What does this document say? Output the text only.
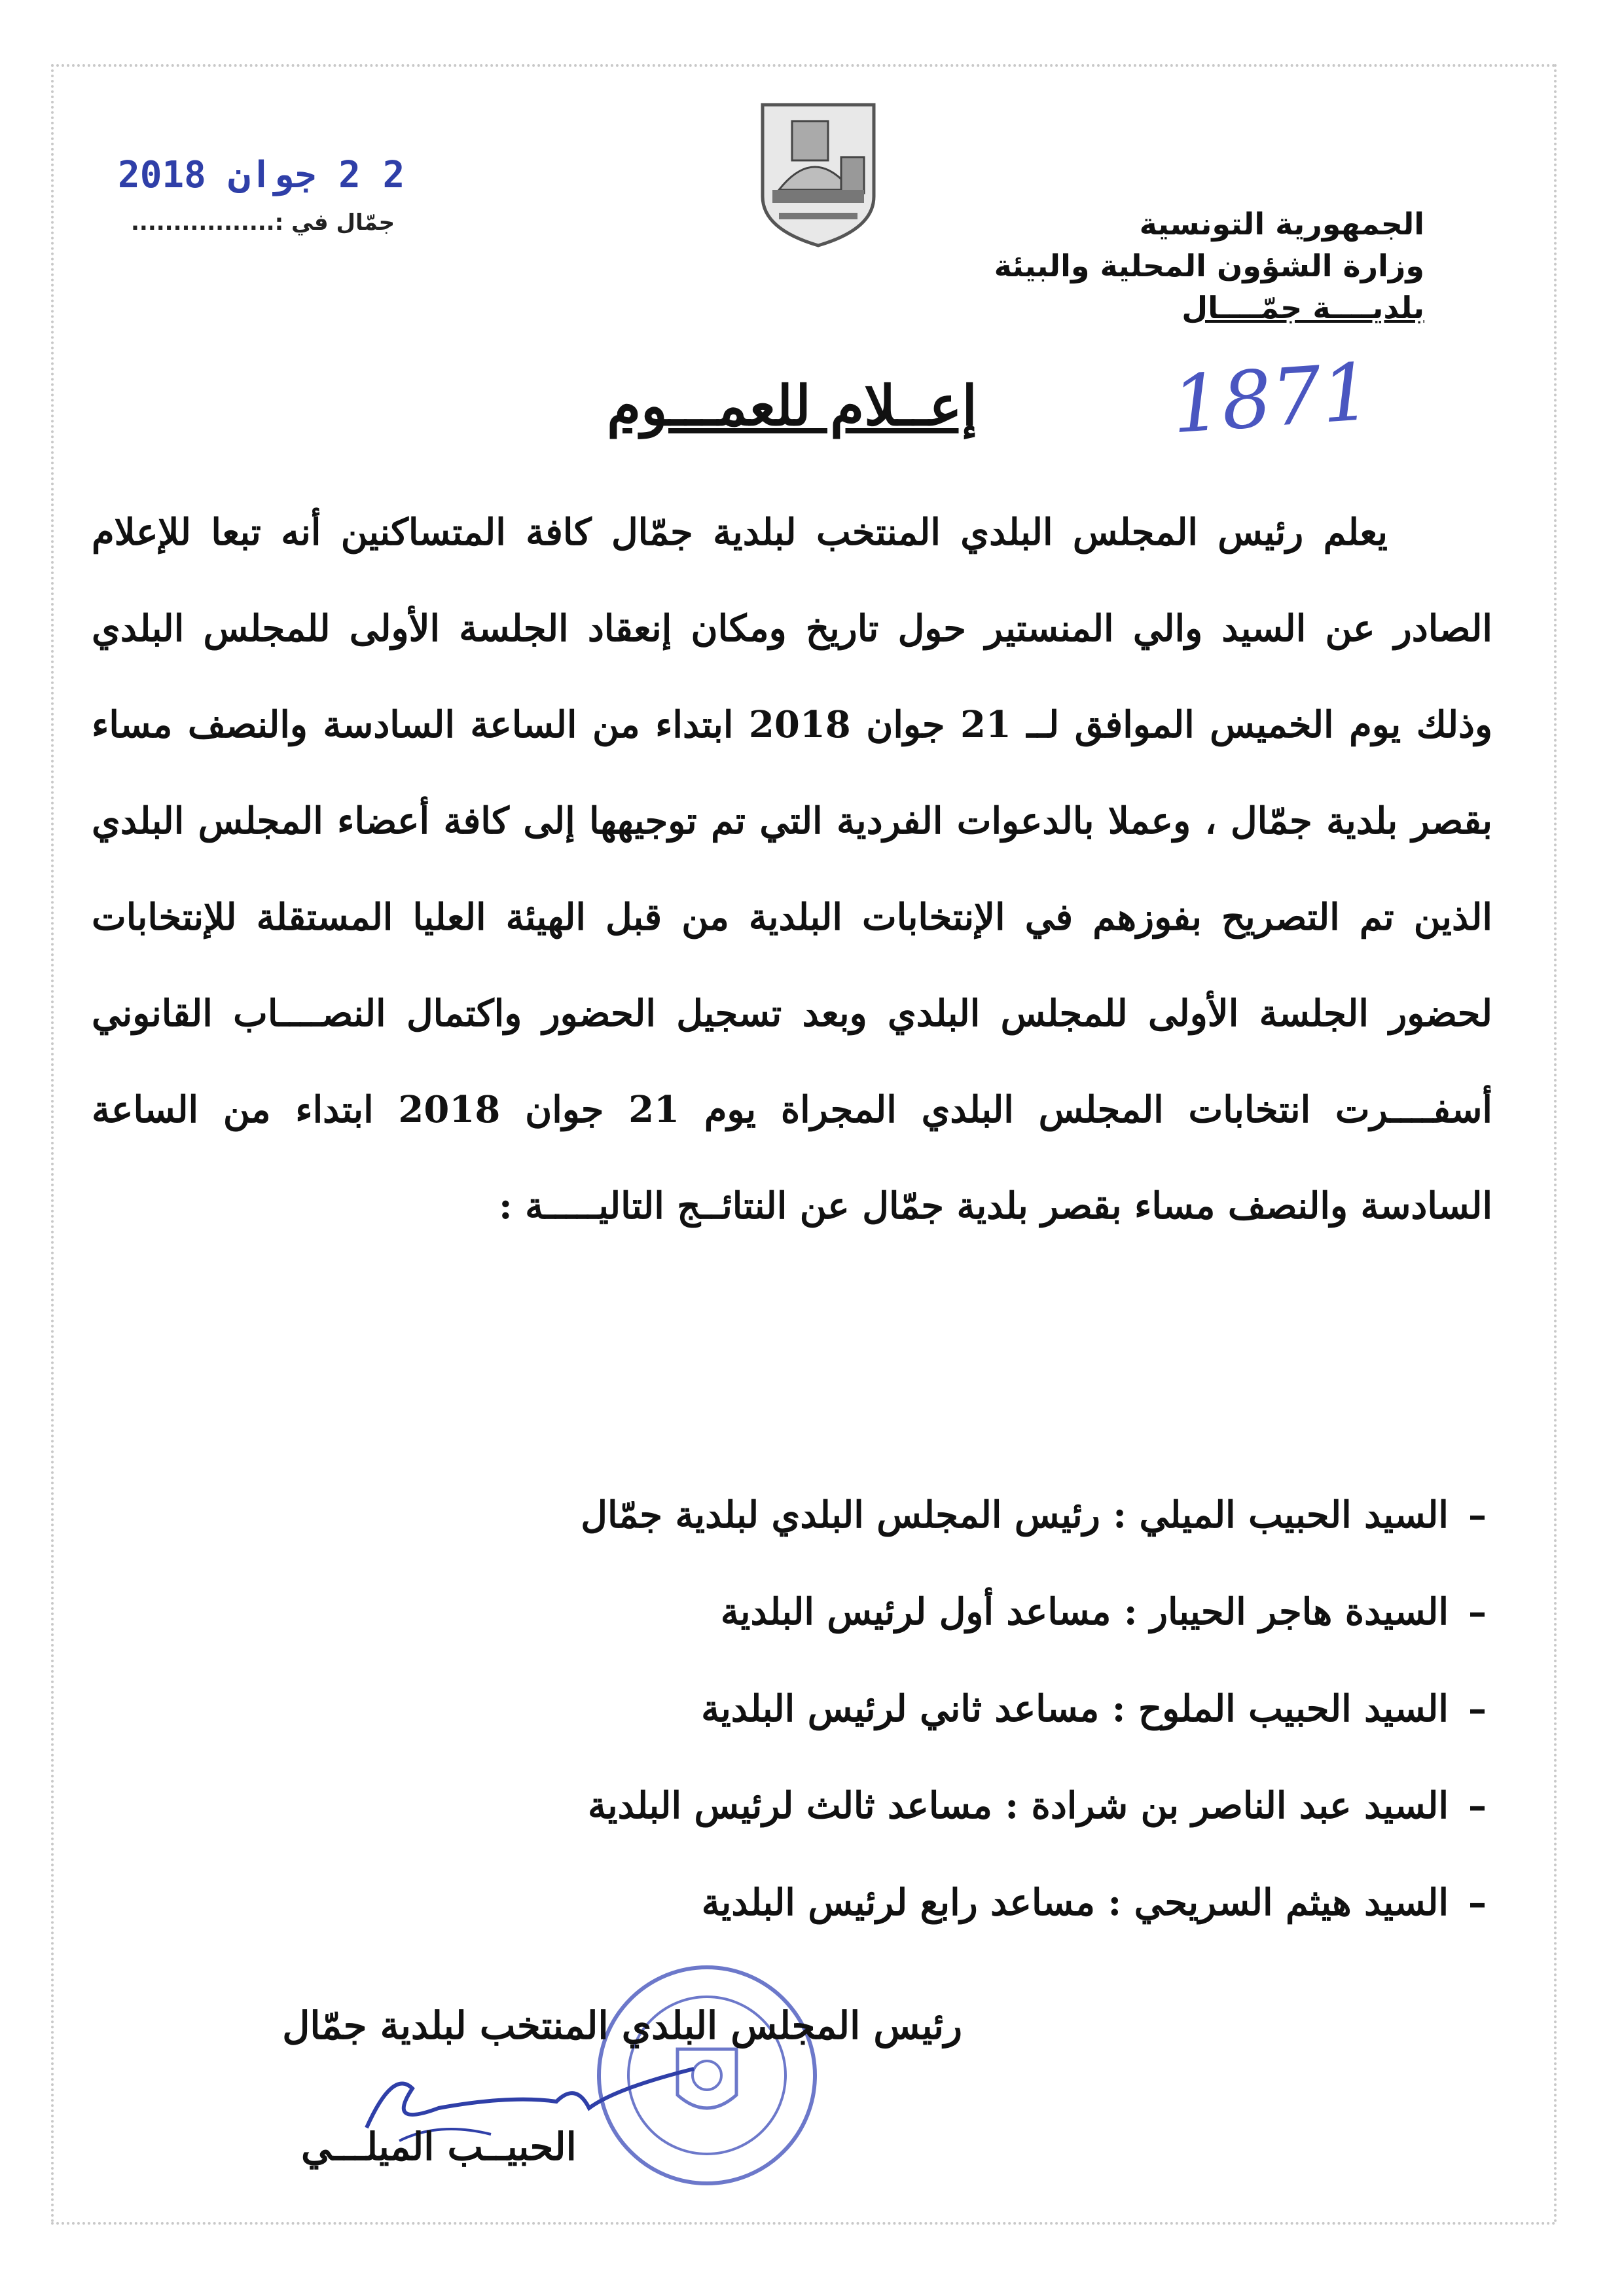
2 2 جوان 2018
جمّال في :.................	الجمهورية التونسية
وزارة الشؤون المحلية والبيئة
بلديــــة جمّــــال
إعــلام للعمـــوم	1871
يعلم رئيس المجلس البلدي المنتخب لبلدية جمّال كافة المتساكنين أنه تبعا للإعلام الصادر عن السيد والي المنستير حول تاريخ ومكان إنعقاد الجلسة الأولى للمجلس البلدي وذلك يوم الخميس الموافق لــ 21 جوان 2018 ابتداء من الساعة السادسة والنصف مساء بقصر بلدية جمّال ، وعملا بالدعوات الفردية التي تم توجيهها إلى كافة أعضاء المجلس البلدي الذين تم التصريح بفوزهم في الإنتخابات البلدية من قبل الهيئة العليا المستقلة للإنتخابات لحضور الجلسة الأولى للمجلس البلدي وبعد تسجيل الحضور واكتمال النصــــاب القانوني أسفــــرت انتخابات المجلس البلدي المجراة يوم 21 جوان 2018 ابتداء من الساعة السادسة والنصف مساء بقصر بلدية جمّال عن النتائــج التاليـــــة :
–السيد الحبيب الميلي : رئيس المجلس البلدي لبلدية جمّال
–السيدة هاجر الحيبار : مساعد أول لرئيس البلدية
–السيد الحبيب الملوح : مساعد ثاني لرئيس البلدية
–السيد عبد الناصر بن شرادة : مساعد ثالث لرئيس البلدية
–السيد هيثم السريحي : مساعد رابع لرئيس البلدية
رئيس المجلس البلدي المنتخب لبلدية جمّال
الحبيــب الميلـــي
